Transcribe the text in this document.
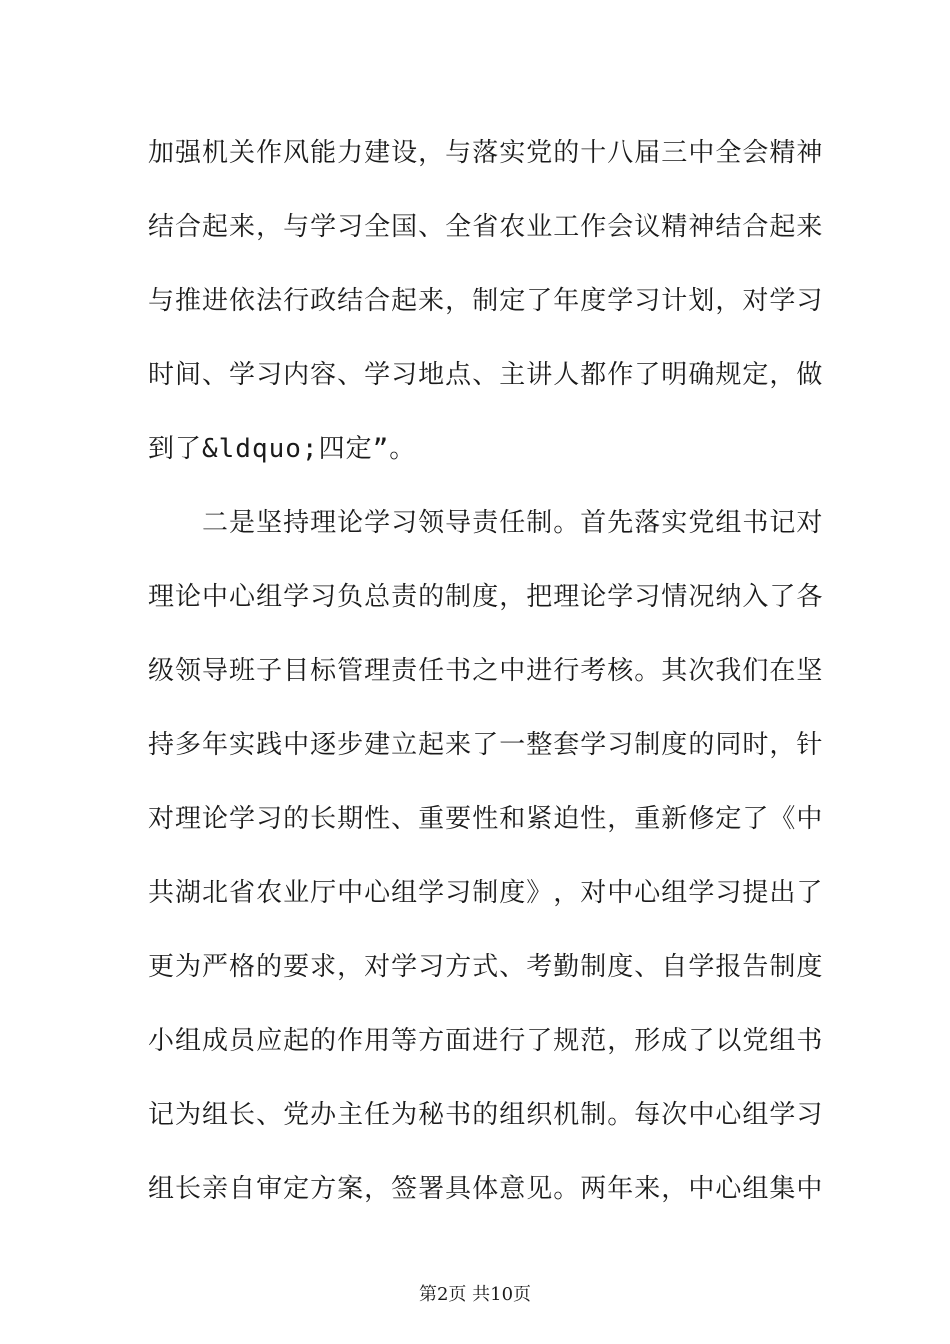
加 强 机 关 作 风 能 力 建 设 ， 与 落 实 党 的 十 八 届 三 中 全 会 精 神
结 合 起 来 ， 与 学 习 全 国 、 全 省 农 业 工 作 会 议 精 神 结 合 起 来
与 推 进 依 法 行 政 结 合 起 来 ， 制 定 了 年 度 学 习 计 划 ， 对 学 习
时 间 、 学 习 内 容 、 学 习 地 点 、 主 讲 人 都 作 了 明 确 规 定 ， 做
到了&ldquo;四定”。

二 是 坚 持 理 论 学 习 领 导 责 任 制 。 首 先 落 实 党 组 书 记 对
理 论 中 心 组 学 习 负 总 责 的 制 度 ， 把 理 论 学 习 情 况 纳 入 了 各
级 领 导 班 子 目 标 管 理 责 任 书 之 中 进 行 考 核 。 其 次 我 们 在 坚
持 多 年 实 践 中 逐 步 建 立 起 来 了 一 整 套 学 习 制 度 的 同 时 ， 针
对 理 论 学 习 的 长 期 性 、 重 要 性 和 紧 迫 性 ， 重 新 修 定 了 《 中
共 湖 北 省 农 业 厅 中 心 组 学 习 制 度 》 ， 对 中 心 组 学 习 提 出 了
更 为 严 格 的 要 求 ， 对 学 习 方 式 、 考 勤 制 度 、 自 学 报 告 制 度
小 组 成 员 应 起 的 作 用 等 方 面 进 行 了 规 范 ， 形 成 了 以 党 组 书
记 为 组 长 、 党 办 主 任 为 秘 书 的 组 织 机 制 。 每 次 中 心 组 学 习
组 长 亲 自 审 定 方 案 ， 签 署 具 体 意 见 。 两 年 来 ， 中 心 组 集 中
第2页 共10页
